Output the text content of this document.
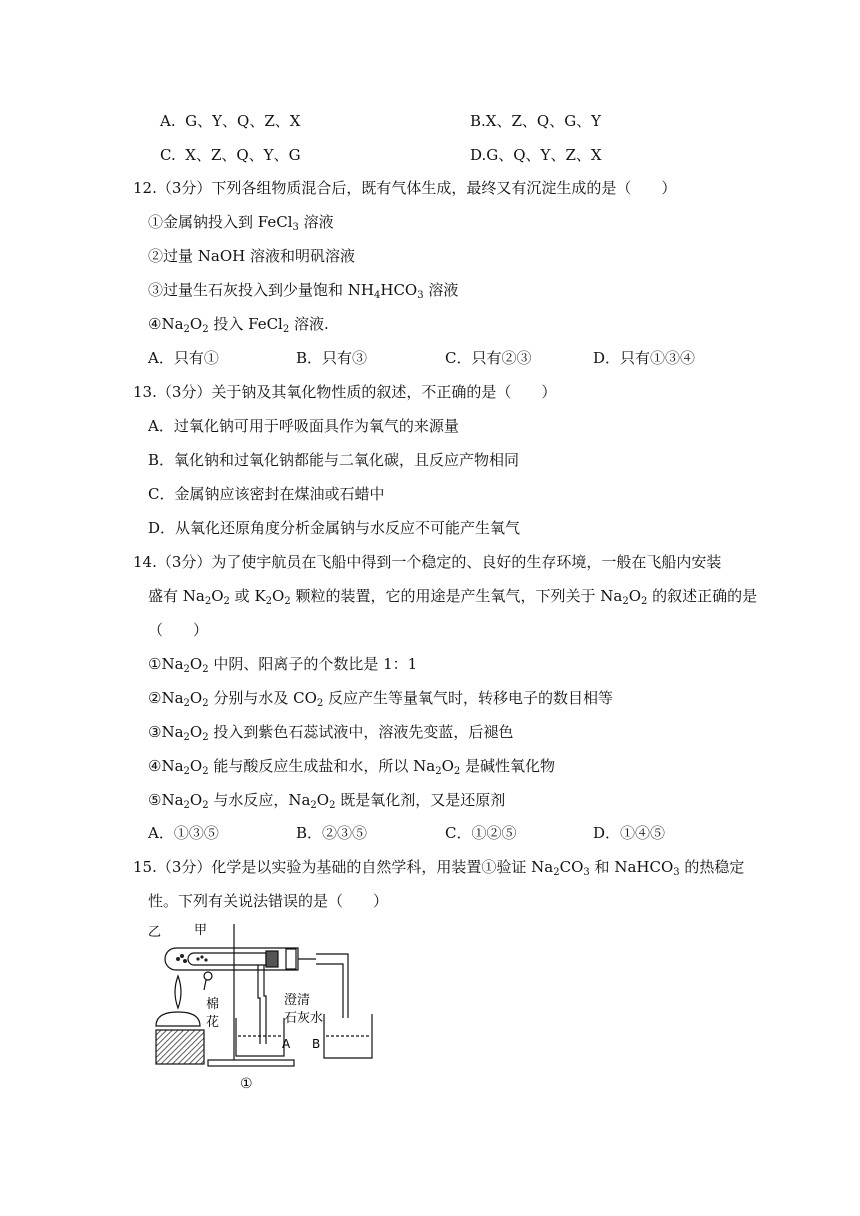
A. G、Y、Q、Z、X	B.X、Z、Q、G、Y
C. X、Z、Q、Y、G	D.G、Q、Y、Z、X
12.（3分）下列各组物质混合后，既有气体生成，最终又有沉淀生成的是（　　）
①金属钠投入到 FeCl$_3$ 溶液
②过量 NaOH 溶液和明矾溶液
③过量生石灰投入到少量饱和 $NH_4HCO_3$ 溶液
$④Na_2O_2$ 投入 FeCl$_2$ 溶液.
A．只有①	B．只有③	C．只有②③	D．只有①③④
13.（3分）关于钠及其氧化物性质的叙述，不正确的是（　　）
A．过氧化钠可用于呼吸面具作为氧气的来源量
B．氧化钠和过氧化钠都能与二氧化碳，且反应产物相同
C．金属钠应该密封在煤油或石蜡中
D．从氧化还原角度分析金属钠与水反应不可能产生氧气
14.（3分）为了使宇航员在飞船中得到一个稳定的、良好的生存环境，一般在飞船内安装
盛有 $Na_2O_2$ 或 $K_2O_2$ 颗粒的装置，它的用途是产生氧气，下列关于 $Na_2O_2$ 的叙述正确的是
（　　）
$①Na_2O_2$ 中阴、阳离子的个数比是 1：1
$②Na_2O_2$ 分别与水及 $CO_2$ 反应产生等量氧气时，转移电子的数目相等
$③Na_2O_2$ 投入到紫色石蕊试液中，溶液先变蓝，后褪色
$④Na_2O_2$ 能与酸反应生成盐和水，所以 $Na_2O_2$ 是碱性氧化物
$⑤Na_2O_2$ 与水反应，$Na_2O_2$ 既是氧化剂，又是还原剂
A．①③⑤	B．②③⑤	C．①②⑤	D．①④⑤
15.（3分）化学是以实验为基础的自然学科，用装置①验证 $Na_2CO_3$ 和 NaHCO$_3$ 的热稳定
性。下列有关说法错误的是（　　）
乙	甲
棉
花
澄清
石灰水
A B
①
